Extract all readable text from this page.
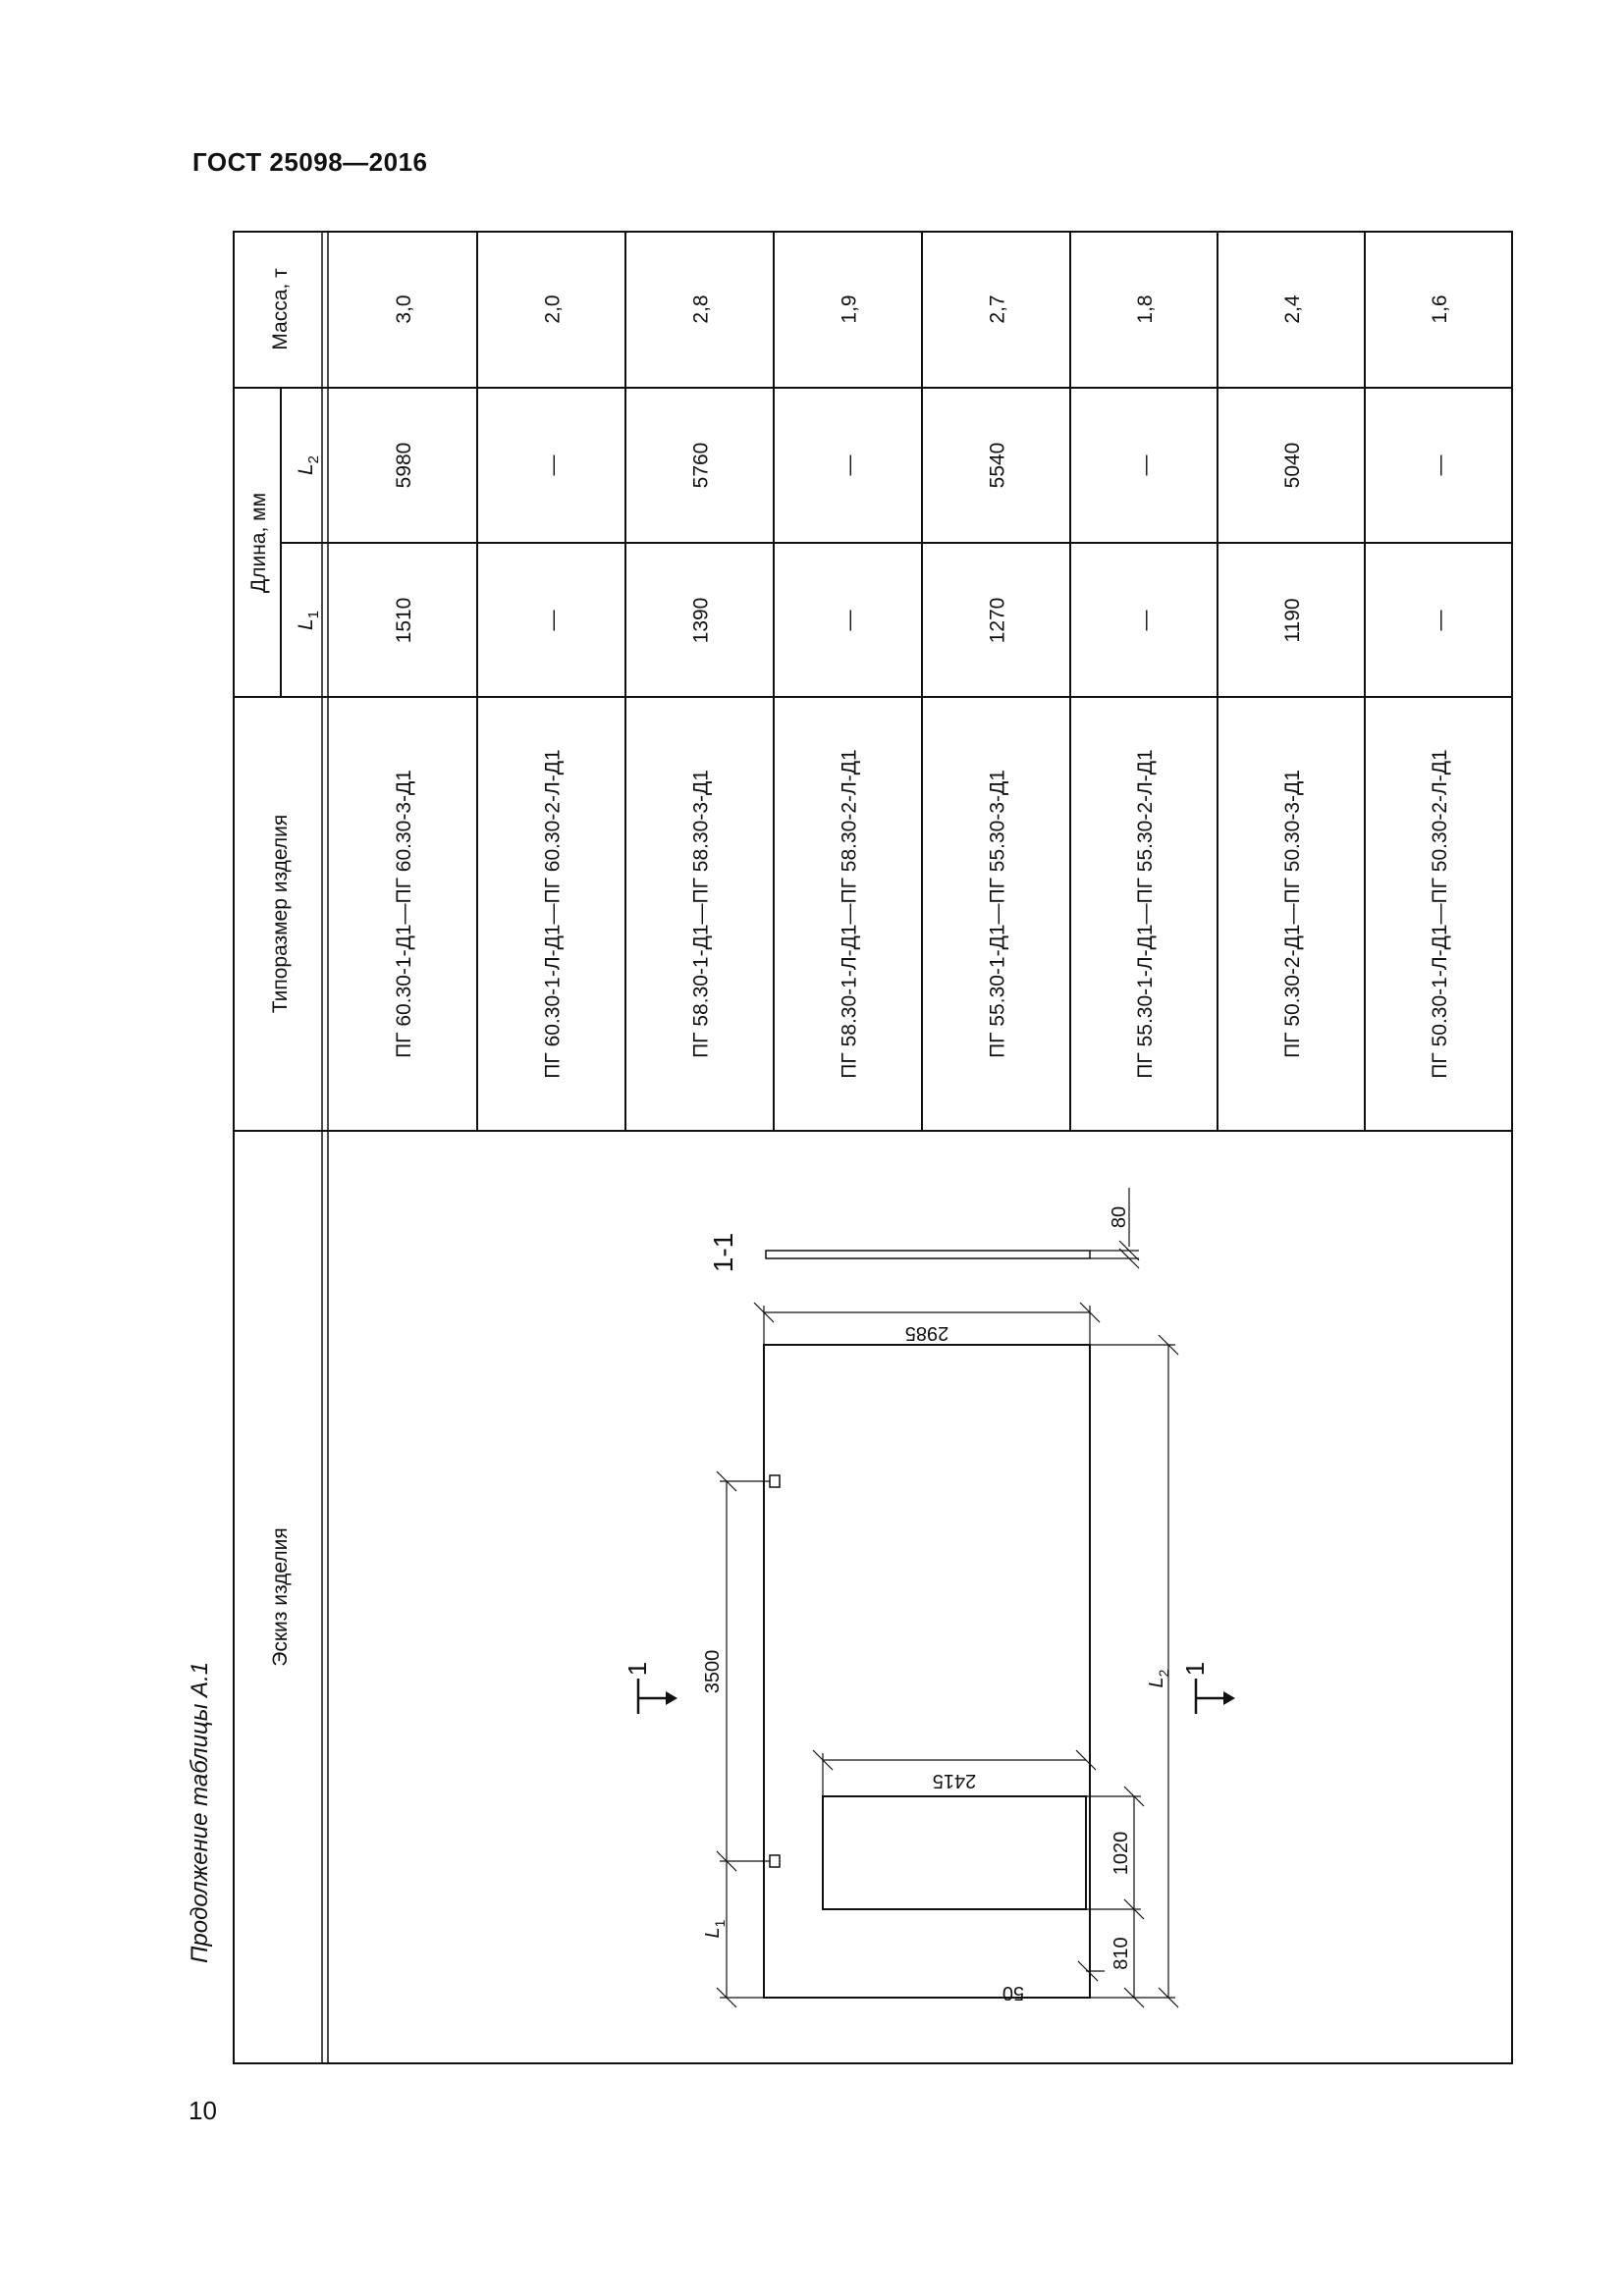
ГОСТ 25098—2016
Продолжение таблицы А.1
10
Масса, т
Длина, мм
$L_2$
$L_1$
Типоразмер изделия
Эскиз изделия
3,0
5980
1510
ПГ 60.30-1-Д1—ПГ 60.30-3-Д1
2,0
—
—
ПГ 60.30-1-Л-Д1—ПГ 60.30-2-Л-Д1
2,8
5760
1390
ПГ 58.30-1-Д1—ПГ 58.30-3-Д1
1,9
—
—
ПГ 58.30-1-Л-Д1—ПГ 58.30-2-Л-Д1
2,7
5540
1270
ПГ 55.30-1-Д1—ПГ 55.30-3-Д1
1,8
—
—
ПГ 55.30-1-Л-Д1—ПГ 55.30-2-Л-Д1
2,4
5040
1190
ПГ 50.30-2-Д1—ПГ 50.30-3-Д1
1,6
—
—
ПГ 50.30-1-Л-Д1—ПГ 50.30-2-Л-Д1
2985
2415
50
3500
1020
810
80
$L_1$
$L_2$
1-1
1	1
